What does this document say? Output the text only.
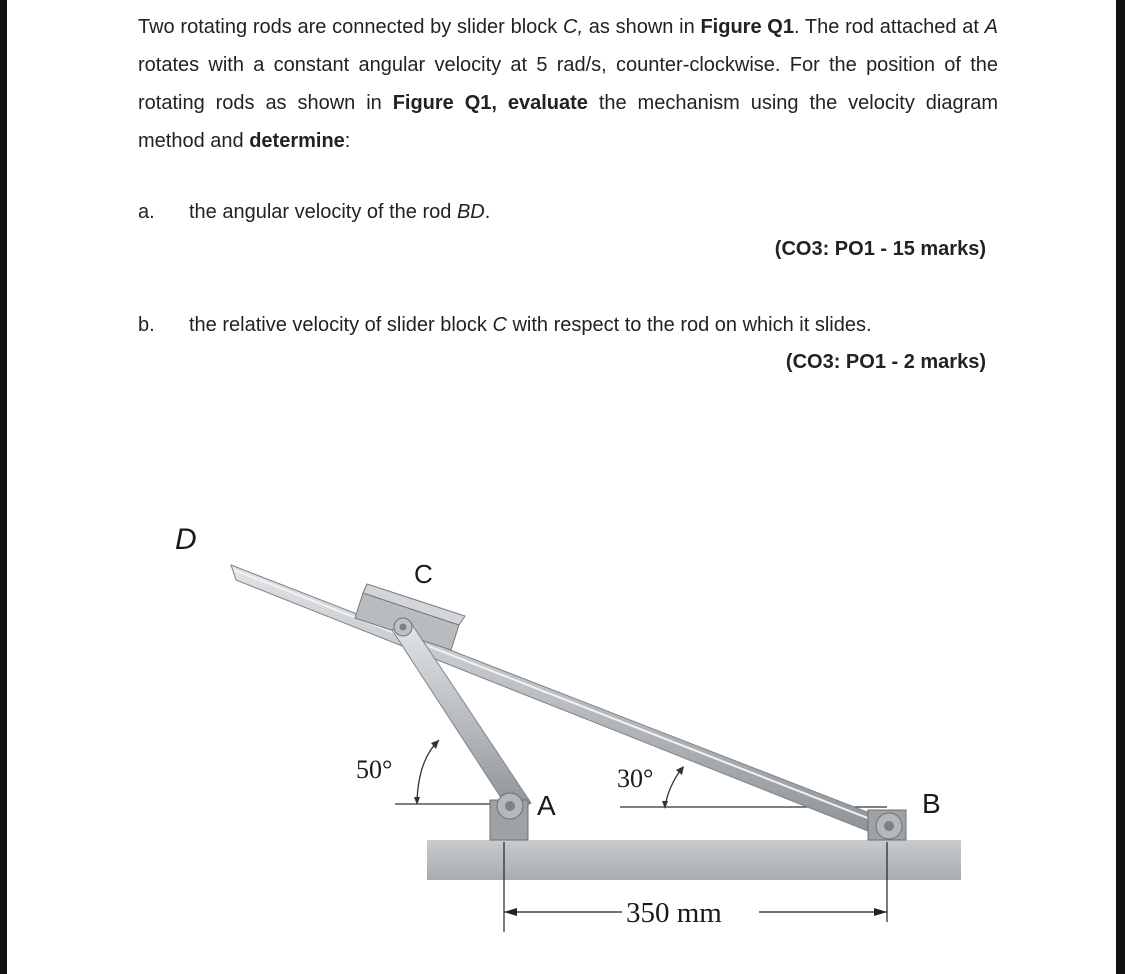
Two rotating rods are connected by slider block C, as shown in Figure Q1. The rod attached at A rotates with a constant angular velocity at 5 rad/s, counter-clockwise. For the position of the rotating rods as shown in Figure Q1, evaluate the mechanism using the velocity diagram method and determine:

a. the angular velocity of the rod BD.
(CO3: PO1 - 15 marks)
b. the relative velocity of slider block C with respect to the rod on which it slides.
(CO3: PO1 - 2 marks)
D
C
A	B
50°	30°
350 mm
